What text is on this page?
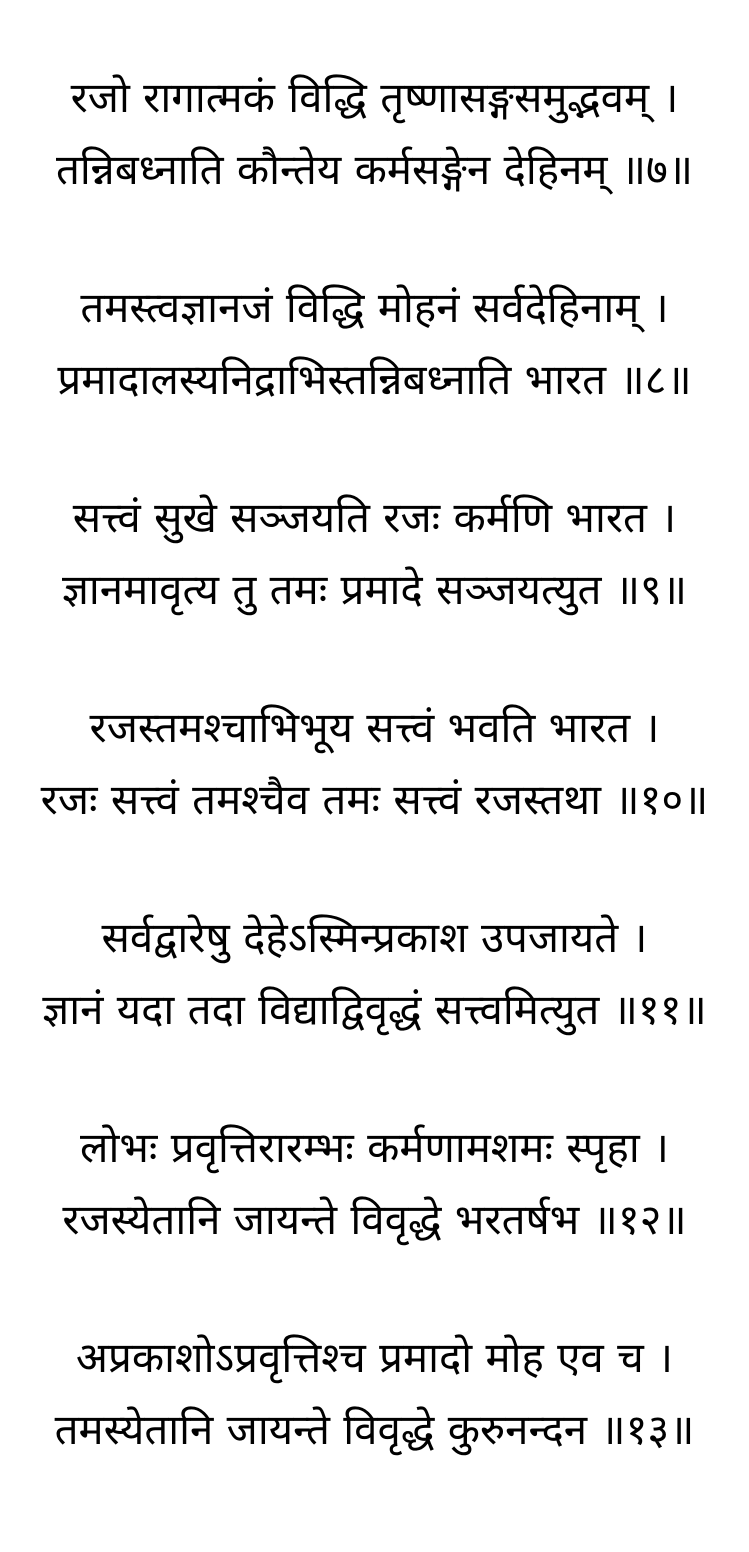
रजो रागात्मकं विद्धि तृष्णासङ्गसमुद्भवम् ।
तन्निबध्नाति कौन्तेय कर्मसङ्गेन देहिनम् ॥७॥
तमस्त्वज्ञानजं विद्धि मोहनं सर्वदेहिनाम् ।
प्रमादालस्यनिद्राभिस्तन्निबध्नाति भारत ॥८॥
सत्त्वं सुखे सञ्जयति रजः कर्मणि भारत ।
ज्ञानमावृत्य तु तमः प्रमादे सञ्जयत्युत ॥९॥
रजस्तमश्चाभिभूय सत्त्वं भवति भारत ।
रजः सत्त्वं तमश्चैव तमः सत्त्वं रजस्तथा ॥१०॥
सर्वद्वारेषु देहेऽस्मिन्प्रकाश उपजायते ।
ज्ञानं यदा तदा विद्याद्विवृद्धं सत्त्वमित्युत ॥११॥
लोभः प्रवृत्तिरारम्भः कर्मणामशमः स्पृहा ।
रजस्येतानि जायन्ते विवृद्धे भरतर्षभ ॥१२॥
अप्रकाशोऽप्रवृत्तिश्च प्रमादो मोह एव च ।
तमस्येतानि जायन्ते विवृद्धे कुरुनन्दन ॥१३॥
